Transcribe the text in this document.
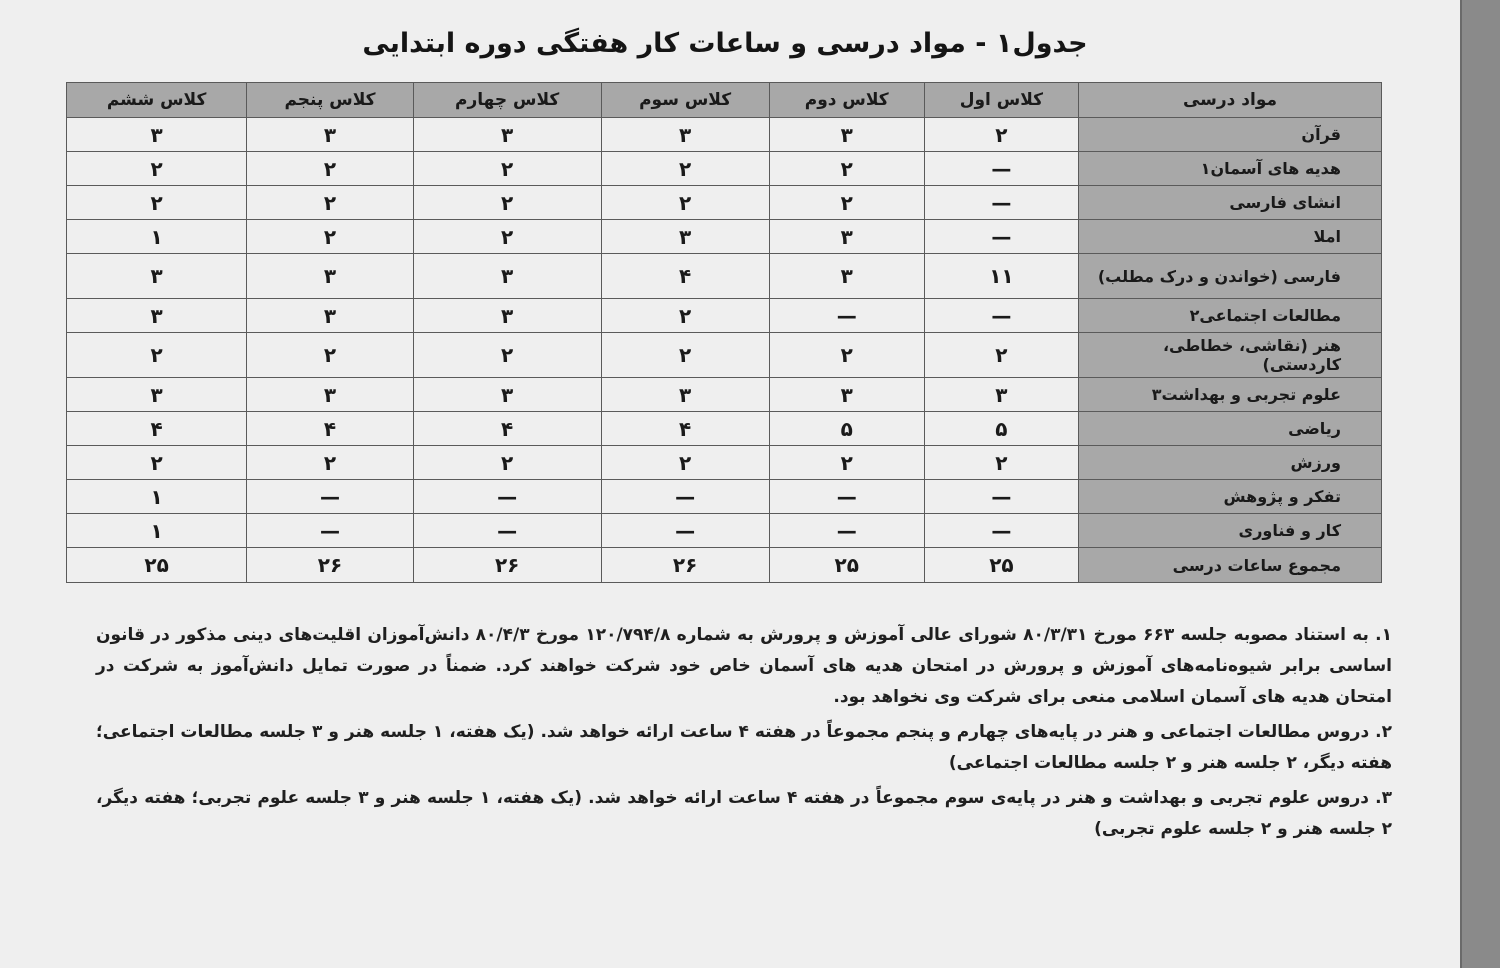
جدول۱ - مواد درسی و ساعات کار هفتگی دوره ابتدایی
مواد درسی	کلاس اول	کلاس دوم	کلاس سوم	کلاس چهارم	کلاس پنجم	کلاس ششم
قرآن	۲	۳	۳	۳	۳	۳
هدیه های آسمان۱	—	۲	۲	۲	۲	۲
انشای فارسی	—	۲	۲	۲	۲	۲
املا	—	۳	۳	۲	۲	۱
فارسی (خواندن و درک مطلب)	۱۱	۳	۴	۳	۳	۳
مطالعات اجتماعی۲	—	—	۲	۳	۳	۳
هنر (نقاشی، خطاطی، کاردستی)	۲	۲	۲	۲	۲	۲
علوم تجربی و بهداشت۳	۳	۳	۳	۳	۳	۳
ریاضی	۵	۵	۴	۴	۴	۴
ورزش	۲	۲	۲	۲	۲	۲
تفکر و پژوهش	—	—	—	—	—	۱
کار و فناوری	—	—	—	—	—	۱
مجموع ساعات درسی	۲۵	۲۵	۲۶	۲۶	۲۶	۲۵

۱. به استناد مصوبه جلسه ۶۶۳ مورخ ۸۰/۳/۳۱ شورای عالی آموزش و پرورش به شماره ۱۲۰/۷۹۴/۸ مورخ ۸۰/۴/۳ دانش‌آموزان اقلیت‌های دینی مذکور در قانون اساسی برابر شیوه‌نامه‌های آموزش و پرورش در امتحان هدیه های آسمان خاص خود شرکت خواهند کرد. ضمناً در صورت تمایل دانش‌آموز به شرکت در امتحان هدیه های آسمان اسلامی منعی برای شرکت وی نخواهد بود.

۲. دروس مطالعات اجتماعی و هنر در پایه‌های چهارم و پنجم مجموعاً در هفته ۴ ساعت ارائه خواهد شد. (یک هفته، ۱ جلسه هنر و ۳ جلسه مطالعات اجتماعی؛ هفته دیگر، ۲ جلسه هنر و ۲ جلسه مطالعات اجتماعی)

۳. دروس علوم تجربی و بهداشت و هنر در پایه‌ی سوم مجموعاً در هفته ۴ ساعت ارائه خواهد شد. (یک هفته، ۱ جلسه هنر و ۳ جلسه علوم تجربی؛ هفته دیگر، ۲ جلسه هنر و ۲ جلسه علوم تجربی)
